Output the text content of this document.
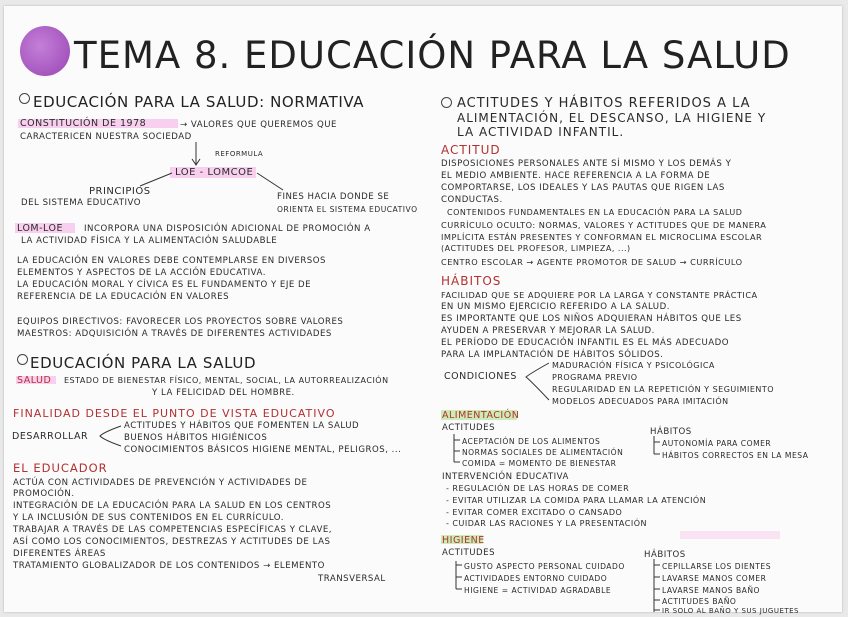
TEMA 8. EDUCACIÓN PARA LA SALUD
EDUCACIÓN PARA LA SALUD: NORMATIVA
CONSTITUCIÓN DE 1978	→ VALORES QUE QUEREMOS QUE
CARACTERICEN NUESTRA SOCIEDAD
REFORMULA
LOE - LOMCOE
PRINCIPIOS
DEL SISTEMA EDUCATIVO
FINES HACIA DONDE SE
ORIENTA EL SISTEMA EDUCATIVO
LOM-LOE INCORPORA UNA DISPOSICIÓN ADICIONAL DE PROMOCIÓN A
LA ACTIVIDAD FÍSICA Y LA ALIMENTACIÓN SALUDABLE
LA EDUCACIÓN EN VALORES DEBE CONTEMPLARSE EN DIVERSOS
ELEMENTOS Y ASPECTOS DE LA ACCIÓN EDUCATIVA.
LA EDUCACIÓN MORAL Y CÍVICA ES EL FUNDAMENTO Y EJE DE
REFERENCIA DE LA EDUCACIÓN EN VALORES
EQUIPOS DIRECTIVOS: FAVORECER LOS PROYECTOS SOBRE VALORES
MAESTROS: ADQUISICIÓN A TRAVÉS DE DIFERENTES ACTIVIDADES
EDUCACIÓN PARA LA SALUD
SALUD ESTADO DE BIENESTAR FÍSICO, MENTAL, SOCIAL, LA AUTORREALIZACIÓN
Y LA FELICIDAD DEL HOMBRE.
FINALIDAD DESDE EL PUNTO DE VISTA EDUCATIVO
DESARROLLAR
ACTITUDES Y HÁBITOS QUE FOMENTEN LA SALUD
BUENOS HÁBITOS HIGIÉNICOS
CONOCIMIENTOS BÁSICOS HIGIENE MENTAL, PELIGROS, ...
EL EDUCADOR
ACTÚA CON ACTIVIDADES DE PREVENCIÓN Y ACTIVIDADES DE
PROMOCIÓN.
INTEGRACIÓN DE LA EDUCACIÓN PARA LA SALUD EN LOS CENTROS
Y LA INCLUSIÓN DE SUS CONTENIDOS EN EL CURRÍCULO.
TRABAJAR A TRAVÉS DE LAS COMPETENCIAS ESPECÍFICAS Y CLAVE,
ASÍ COMO LOS CONOCIMIENTOS, DESTREZAS Y ACTITUDES DE LAS
DIFERENTES ÁREAS
TRATAMIENTO GLOBALIZADOR DE LOS CONTENIDOS → ELEMENTO
TRANSVERSAL
ACTITUDES Y HÁBITOS REFERIDOS A LA
ALIMENTACIÓN, EL DESCANSO, LA HIGIENE Y
LA ACTIVIDAD INFANTIL.
ACTITUD
DISPOSICIONES PERSONALES ANTE SÍ MISMO Y LOS DEMÁS Y
EL MEDIO AMBIENTE. HACE REFERENCIA A LA FORMA DE
COMPORTARSE, LOS IDEALES Y LAS PAUTAS QUE RIGEN LAS
CONDUCTAS.
CONTENIDOS FUNDAMENTALES EN LA EDUCACIÓN PARA LA SALUD
CURRÍCULO OCULTO: NORMAS, VALORES Y ACTITUDES QUE DE MANERA
IMPLÍCITA ESTÁN PRESENTES Y CONFORMAN EL MICROCLIMA ESCOLAR
(ACTITUDES DEL PROFESOR, LIMPIEZA, ...)
CENTRO ESCOLAR → AGENTE PROMOTOR DE SALUD → CURRÍCULO
HÁBITOS
FACILIDAD QUE SE ADQUIERE POR LA LARGA Y CONSTANTE PRÁCTICA
EN UN MISMO EJERCICIO REFERIDO A LA SALUD.
ES IMPORTANTE QUE LOS NIÑOS ADQUIERAN HÁBITOS QUE LES
AYUDEN A PRESERVAR Y MEJORAR LA SALUD.
EL PERÍODO DE EDUCACIÓN INFANTIL ES EL MÁS ADECUADO
PARA LA IMPLANTACIÓN DE HÁBITOS SÓLIDOS.
CONDICIONES
MADURACIÓN FÍSICA Y PSICOLÓGICA
PROGRAMA PREVIO
REGULARIDAD EN LA REPETICIÓN Y SEGUIMIENTO
MODELOS ADECUADOS PARA IMITACIÓN
ALIMENTACIÓN
ACTITUDES
ACEPTACIÓN DE LOS ALIMENTOS
NORMAS SOCIALES DE ALIMENTACIÓN
COMIDA = MOMENTO DE BIENESTAR
HÁBITOS
AUTONOMÍA PARA COMER
HÁBITOS CORRECTOS EN LA MESA
INTERVENCIÓN EDUCATIVA
- REGULACIÓN DE LAS HORAS DE COMER
- EVITAR UTILIZAR LA COMIDA PARA LLAMAR LA ATENCIÓN
- EVITAR COMER EXCITADO O CANSADO
- CUIDAR LAS RACIONES Y LA PRESENTACIÓN
HIGIENE
ACTITUDES
GUSTO ASPECTO PERSONAL CUIDADO
ACTIVIDADES ENTORNO CUIDADO
HIGIENE = ACTIVIDAD AGRADABLE
HÁBITOS
CEPILLARSE LOS DIENTES
LAVARSE MANOS COMER
LAVARSE MANOS BAÑO
ACTITUDES BAÑO
IR SOLO AL BAÑO Y SUS JUGUETES
